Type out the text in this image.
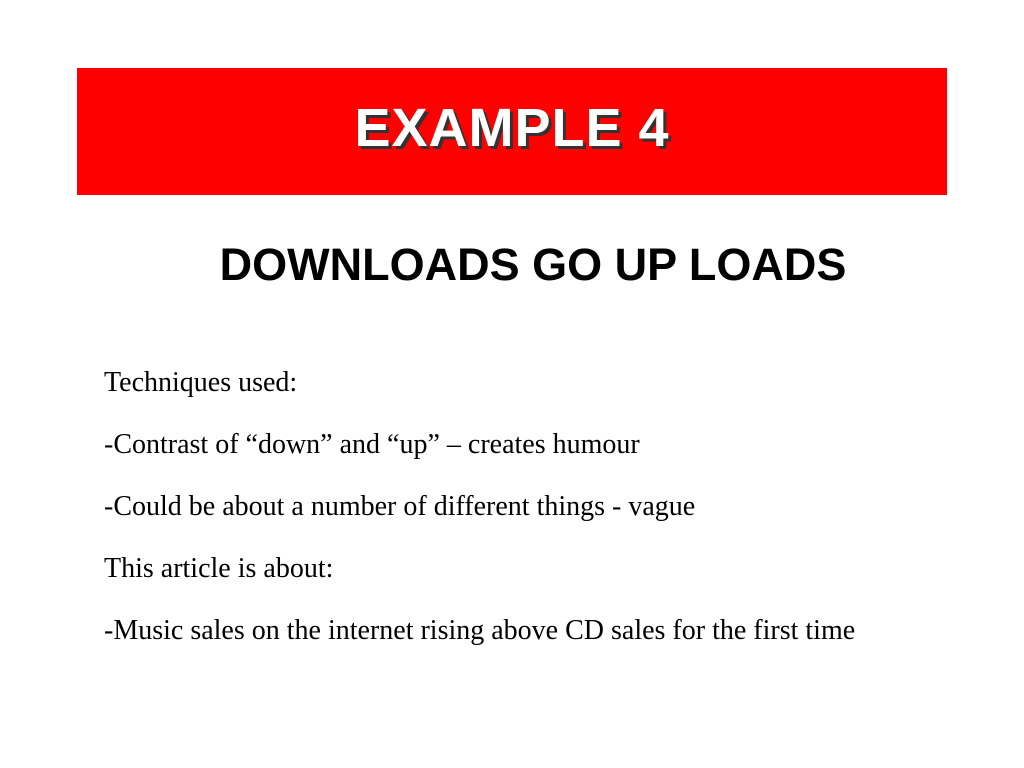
EXAMPLE 4
DOWNLOADS GO UP LOADS

Techniques used:

-Contrast of “down” and “up” – creates humour

-Could be about a number of different things - vague

This article is about:

-Music sales on the internet rising above CD sales for the first time
